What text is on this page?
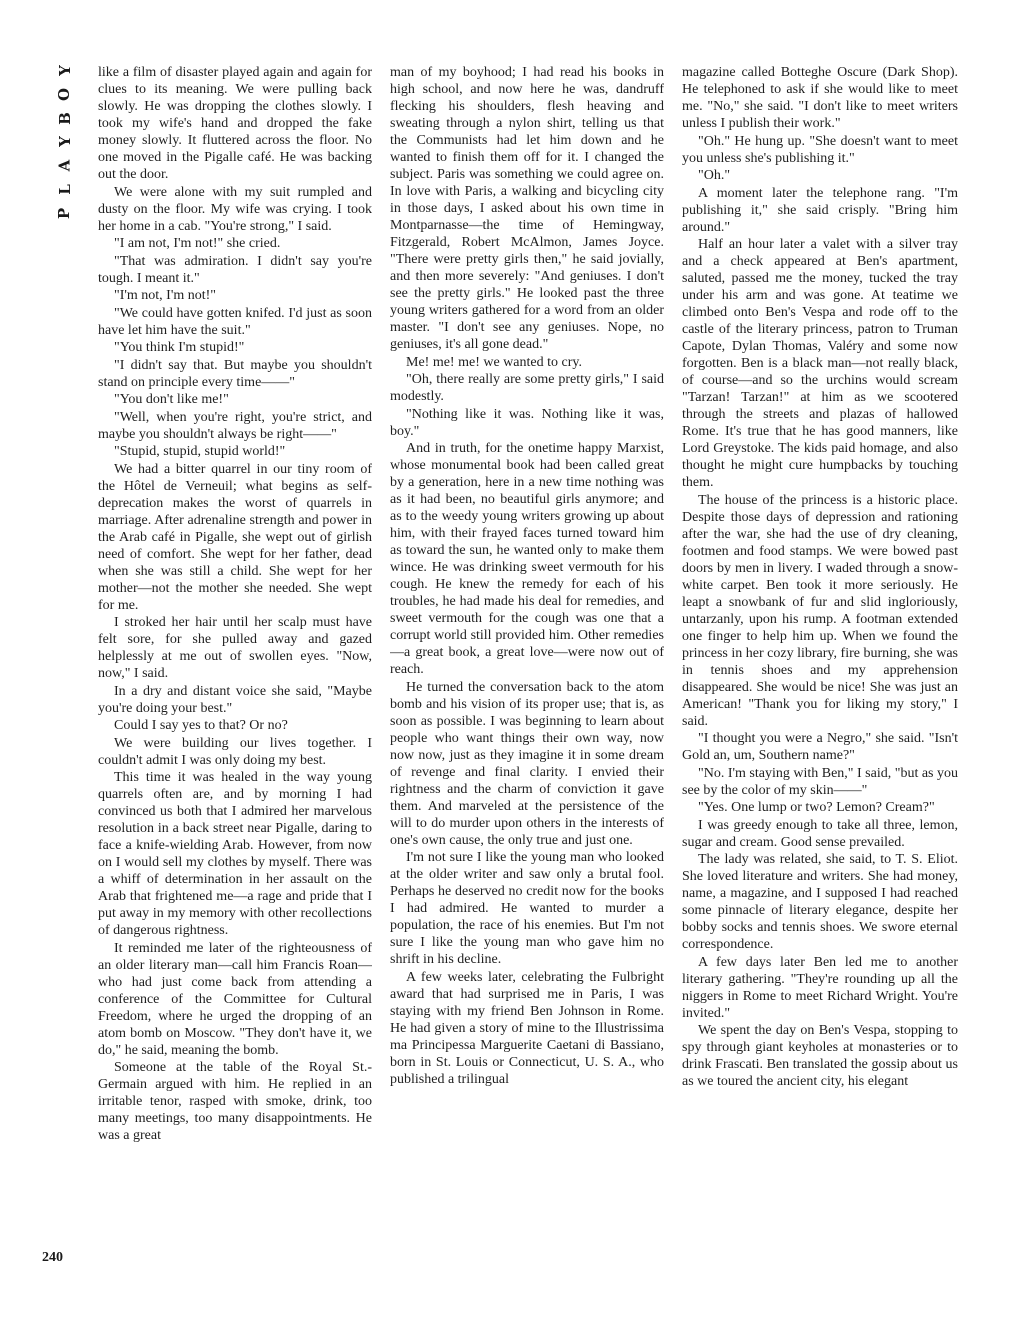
Y
O
B
Y
A
L
P
240

like a film of disaster played again and again for clues to its meaning. We were pulling back slowly. He was dropping the clothes slowly. I took my wife's hand and dropped the fake money slowly. It fluttered across the floor. No one moved in the Pigalle café. He was backing out the door.

We were alone with my suit rumpled and dusty on the floor. My wife was crying. I took her home in a cab. "You're strong," I said.

"I am not, I'm not!" she cried.

"That was admiration. I didn't say you're tough. I meant it."

"I'm not, I'm not!"

"We could have gotten knifed. I'd just as soon have let him have the suit."

"You think I'm stupid!"

"I didn't say that. But maybe you shouldn't stand on principle every time——"

"You don't like me!"

"Well, when you're right, you're strict, and maybe you shouldn't always be right——"

"Stupid, stupid, stupid world!"

We had a bitter quarrel in our tiny room of the Hôtel de Verneuil; what begins as self-deprecation makes the worst of quarrels in marriage. After adrenaline strength and power in the Arab café in Pigalle, she wept out of girlish need of comfort. She wept for her father, dead when she was still a child. She wept for her mother—not the mother she needed. She wept for me.

I stroked her hair until her scalp must have felt sore, for she pulled away and gazed helplessly at me out of swollen eyes. "Now, now," I said.

In a dry and distant voice she said, "Maybe you're doing your best."

Could I say yes to that? Or no?

We were building our lives together. I couldn't admit I was only doing my best.

This time it was healed in the way young quarrels often are, and by morning I had convinced us both that I admired her marvelous resolution in a back street near Pigalle, daring to face a knife-wielding Arab. However, from now on I would sell my clothes by myself. There was a whiff of determination in her assault on the Arab that frightened me—a rage and pride that I put away in my memory with other recollections of dangerous rightness.

It reminded me later of the righteousness of an older literary man—call him Francis Roan—who had just come back from attending a conference of the Committee for Cultural Freedom, where he urged the dropping of an atom bomb on Moscow. "They don't have it, we do," he said, meaning the bomb.

Someone at the table of the Royal St.-Germain argued with him. He replied in an irritable tenor, rasped with smoke, drink, too many meetings, too many disappointments. He was a great

man of my boyhood; I had read his books in high school, and now here he was, dandruff flecking his shoulders, flesh heaving and sweating through a nylon shirt, telling us that the Communists had let him down and he wanted to finish them off for it. I changed the subject. Paris was something we could agree on. In love with Paris, a walking and bicycling city in those days, I asked about his own time in Montparnasse—the time of Hemingway, Fitzgerald, Robert McAlmon, James Joyce. "There were pretty girls then," he said jovially, and then more severely: "And geniuses. I don't see the pretty girls." He looked past the three young writers gathered for a word from an older master. "I don't see any geniuses. Nope, no geniuses, it's all gone dead."

Me! me! me! we wanted to cry.

"Oh, there really are some pretty girls," I said modestly.

"Nothing like it was. Nothing like it was, boy."

And in truth, for the onetime happy Marxist, whose monumental book had been called great by a generation, here in a new time nothing was as it had been, no beautiful girls anymore; and as to the weedy young writers growing up about him, with their frayed faces turned toward him as toward the sun, he wanted only to make them wince. He was drinking sweet vermouth for his cough. He knew the remedy for each of his troubles, he had made his deal for remedies, and sweet vermouth for the cough was one that a corrupt world still provided him. Other remedies—a great book, a great love—were now out of reach.

He turned the conversation back to the atom bomb and his vision of its proper use; that is, as soon as possible. I was beginning to learn about people who want things their own way, now now now, just as they imagine it in some dream of revenge and final clarity. I envied their rightness and the charm of conviction it gave them. And marveled at the persistence of the will to do murder upon others in the interests of one's own cause, the only true and just one.

I'm not sure I like the young man who looked at the older writer and saw only a brutal fool. Perhaps he deserved no credit now for the books I had admired. He wanted to murder a population, the race of his enemies. But I'm not sure I like the young man who gave him no shrift in his decline.

A few weeks later, celebrating the Fulbright award that had surprised me in Paris, I was staying with my friend Ben Johnson in Rome. He had given a story of mine to the Illustrissima ma Principessa Marguerite Caetani di Bassiano, born in St. Louis or Connecticut, U. S. A., who published a trilingual

magazine called Botteghe Oscure (Dark Shop). He telephoned to ask if she would like to meet me. "No," she said. "I don't like to meet writers unless I publish their work."

"Oh." He hung up. "She doesn't want to meet you unless she's publishing it."

"Oh."

A moment later the telephone rang. "I'm publishing it," she said crisply. "Bring him around."

Half an hour later a valet with a silver tray and a check appeared at Ben's apartment, saluted, passed me the money, tucked the tray under his arm and was gone. At teatime we climbed onto Ben's Vespa and rode off to the castle of the literary princess, patron to Truman Capote, Dylan Thomas, Valéry and some now forgotten. Ben is a black man—not really black, of course—and so the urchins would scream "Tarzan! Tarzan!" at him as we scootered through the streets and plazas of hallowed Rome. It's true that he has good manners, like Lord Greystoke. The kids paid homage, and also thought he might cure humpbacks by touching them.

The house of the princess is a historic place. Despite those days of depression and rationing after the war, she had the use of dry cleaning, footmen and food stamps. We were bowed past doors by men in livery. I waded through a snow-white carpet. Ben took it more seriously. He leapt a snowbank of fur and slid ingloriously, untarzanly, upon his rump. A footman extended one finger to help him up. When we found the princess in her cozy library, fire burning, she was in tennis shoes and my apprehension disappeared. She would be nice! She was just an American! "Thank you for liking my story," I said.

"I thought you were a Negro," she said. "Isn't Gold an, um, Southern name?"

"No. I'm staying with Ben," I said, "but as you see by the color of my skin——"

"Yes. One lump or two? Lemon? Cream?"

I was greedy enough to take all three, lemon, sugar and cream. Good sense prevailed.

The lady was related, she said, to T. S. Eliot. She loved literature and writers. She had money, name, a magazine, and I supposed I had reached some pinnacle of literary elegance, despite her bobby socks and tennis shoes. We swore eternal correspondence.

A few days later Ben led me to another literary gathering. "They're rounding up all the niggers in Rome to meet Richard Wright. You're invited."

We spent the day on Ben's Vespa, stopping to spy through giant keyholes at monasteries or to drink Frascati. Ben translated the gossip about us as we toured the ancient city, his elegant
